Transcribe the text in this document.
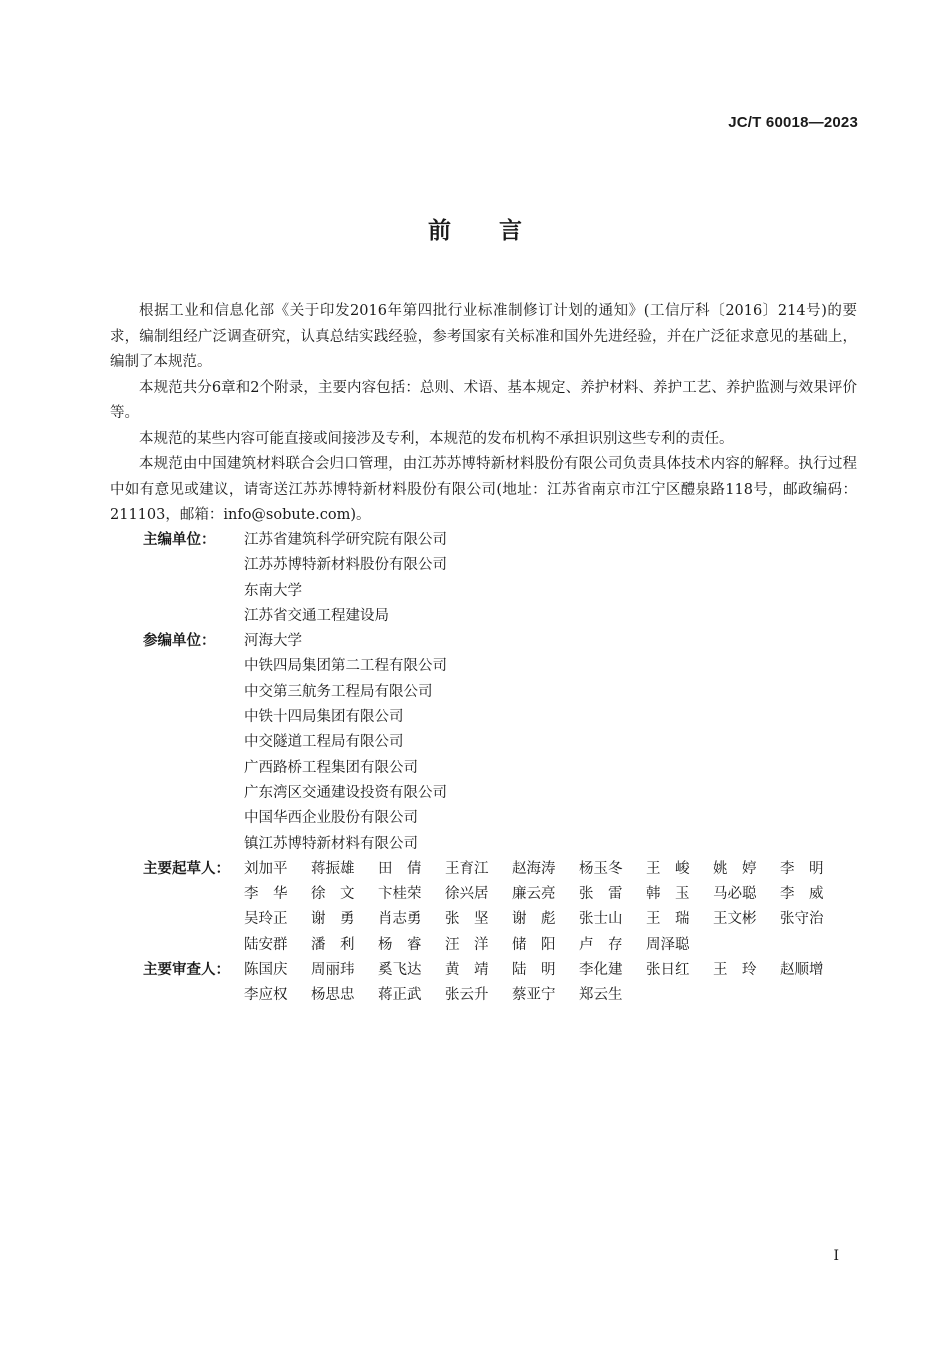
JC/T 60018—2023
前言

根据工业和信息化部《关于印发2016年第四批行业标准制修订计划的通知》(工信厅科〔2016〕214号)的要求，编制组经广泛调查研究，认真总结实践经验，参考国家有关标准和国外先进经验，并在广泛征求意见的基础上，编制了本规范。

本规范共分6章和2个附录，主要内容包括：总则、术语、基本规定、养护材料、养护工艺、养护监测与效果评价等。

本规范的某些内容可能直接或间接涉及专利，本规范的发布机构不承担识别这些专利的责任。

本规范由中国建筑材料联合会归口管理，由江苏苏博特新材料股份有限公司负责具体技术内容的解释。执行过程中如有意见或建议，请寄送江苏苏博特新材料股份有限公司(地址：江苏省南京市江宁区醴泉路118号，邮政编码：211103，邮箱：info@sobute.com)。

主编单位：	江苏省建筑科学研究院有限公司
江苏苏博特新材料股份有限公司
东南大学
江苏省交通工程建设局
参编单位：	河海大学
中铁四局集团第二工程有限公司
中交第三航务工程局有限公司
中铁十四局集团有限公司
中交隧道工程局有限公司
广西路桥工程集团有限公司
广东湾区交通建设投资有限公司
中国华西企业股份有限公司
镇江苏博特新材料有限公司
主要起草人： 刘加平	蒋振雄	田　倩	王育江	赵海涛	杨玉冬	王　峻	姚　婷	李　明
李　华	徐　文	卞桂荣	徐兴居	廉云亮	张　雷	韩　玉	马必聪	李　威
吴玲正	谢　勇	肖志勇	张　坚	谢　彪	张士山	王　瑞	王文彬	张守治
陆安群	潘　利	杨　睿	汪　洋	储　阳	卢　存	周泽聪
主要审查人： 陈国庆	周丽玮	奚飞达	黄　靖	陆　明	李化建	张日红	王　玲	赵顺增
李应权	杨思忠	蒋正武	张云升	蔡亚宁	郑云生
I
